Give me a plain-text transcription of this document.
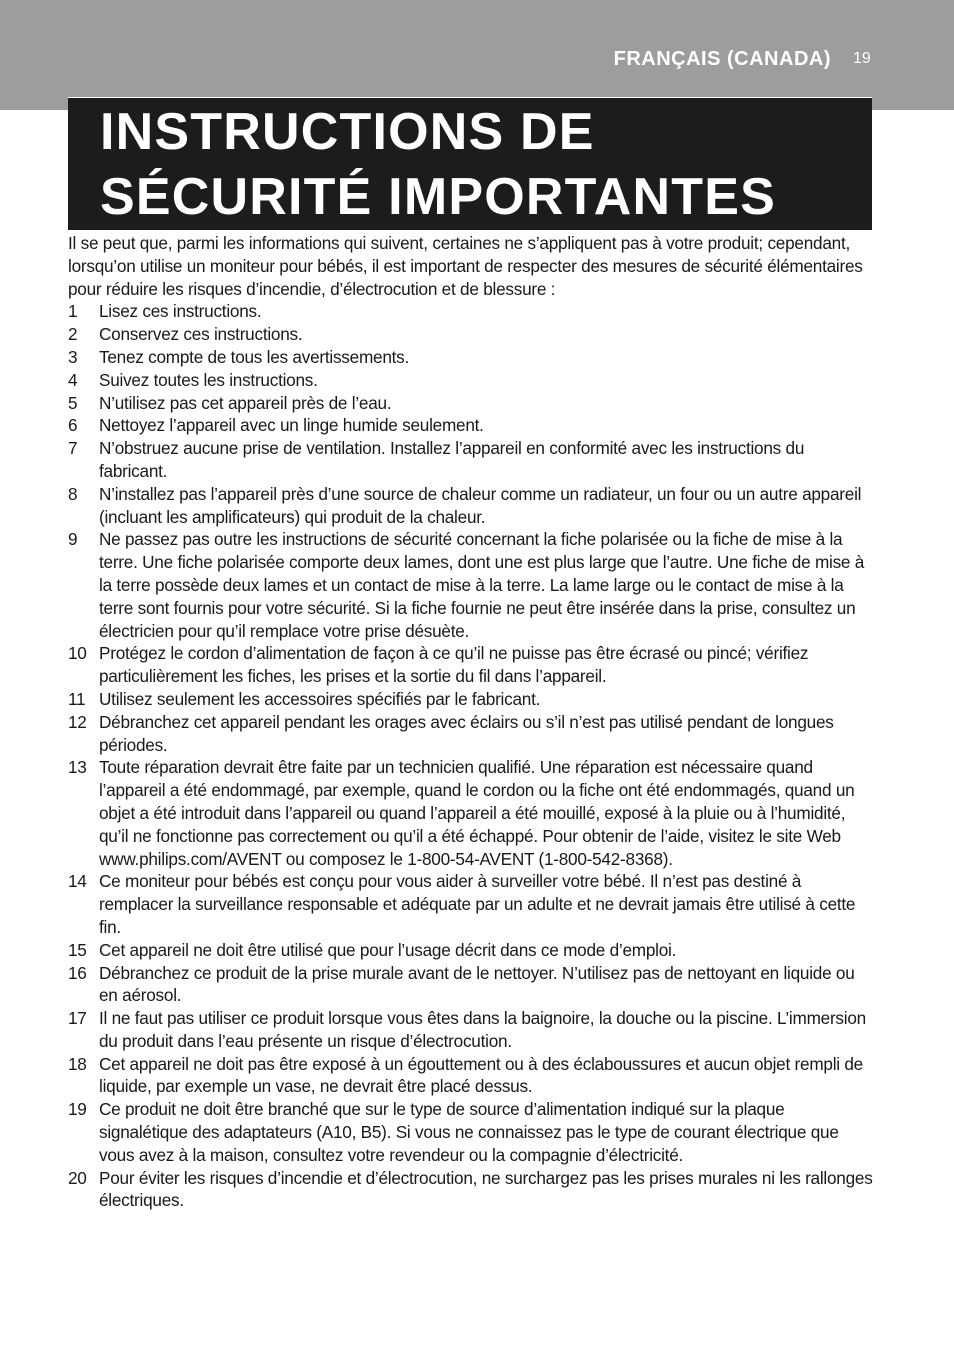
FRANÇAIS (CANADA) 19
INSTRUCTIONS DE
SÉCURITÉ IMPORTANTES

Il se peut que, parmi les informations qui suivent, certaines ne s’appliquent pas à votre produit; cependant, lorsqu’on utilise un moniteur pour bébés, il est important de respecter des mesures de sécurité élémentaires pour réduire les risques d’incendie, d’électrocution et de blessure :

1 Lisez ces instructions.
2 Conservez ces instructions.
3 Tenez compte de tous les avertissements.
4 Suivez toutes les instructions.
5 N’utilisez pas cet appareil près de l’eau.
6 Nettoyez l’appareil avec un linge humide seulement.
7 N’obstruez aucune prise de ventilation. Installez l’appareil en conformité avec les instructions du fabricant.
8 N’installez pas l’appareil près d’une source de chaleur comme un radiateur, un four ou un autre appareil (incluant les amplificateurs) qui produit de la chaleur.
9 Ne passez pas outre les instructions de sécurité concernant la fiche polarisée ou la fiche de mise à la terre. Une fiche polarisée comporte deux lames, dont une est plus large que l’autre. Une fiche de mise à la terre possède deux lames et un contact de mise à la terre. La lame large ou le contact de mise à la terre sont fournis pour votre sécurité. Si la fiche fournie ne peut être insérée dans la prise, consultez un électricien pour qu’il remplace votre prise désuète.
10 Protégez le cordon d’alimentation de façon à ce qu’il ne puisse pas être écrasé ou pincé; vérifiez particulièrement les fiches, les prises et la sortie du fil dans l’appareil.
11 Utilisez seulement les accessoires spécifiés par le fabricant.
12 Débranchez cet appareil pendant les orages avec éclairs ou s’il n’est pas utilisé pendant de longues périodes.
13 Toute réparation devrait être faite par un technicien qualifié. Une réparation est nécessaire quand l’appareil a été endommagé, par exemple, quand le cordon ou la fiche ont été endommagés, quand un objet a été introduit dans l’appareil ou quand l’appareil a été mouillé, exposé à la pluie ou à l’humidité, qu’il ne fonctionne pas correctement ou qu’il a été échappé. Pour obtenir de l’aide, visitez le site Web www.philips.com/AVENT ou composez le 1-800-54-AVENT (1-800-542-8368).
14 Ce moniteur pour bébés est conçu pour vous aider à surveiller votre bébé. Il n’est pas destiné à remplacer la surveillance responsable et adéquate par un adulte et ne devrait jamais être utilisé à cette fin.
15 Cet appareil ne doit être utilisé que pour l’usage décrit dans ce mode d’emploi.
16 Débranchez ce produit de la prise murale avant de le nettoyer. N’utilisez pas de nettoyant en liquide ou en aérosol.
17 Il ne faut pas utiliser ce produit lorsque vous êtes dans la baignoire, la douche ou la piscine. L’immersion du produit dans l’eau présente un risque d’électrocution.
18 Cet appareil ne doit pas être exposé à un égouttement ou à des éclaboussures et aucun objet rempli de liquide, par exemple un vase, ne devrait être placé dessus.
19 Ce produit ne doit être branché que sur le type de source d’alimentation indiqué sur la plaque signalétique des adaptateurs (A10, B5). Si vous ne connaissez pas le type de courant électrique que vous avez à la maison, consultez votre revendeur ou la compagnie d’électricité.
20 Pour éviter les risques d’incendie et d’électrocution, ne surchargez pas les prises murales ni les rallonges électriques.
